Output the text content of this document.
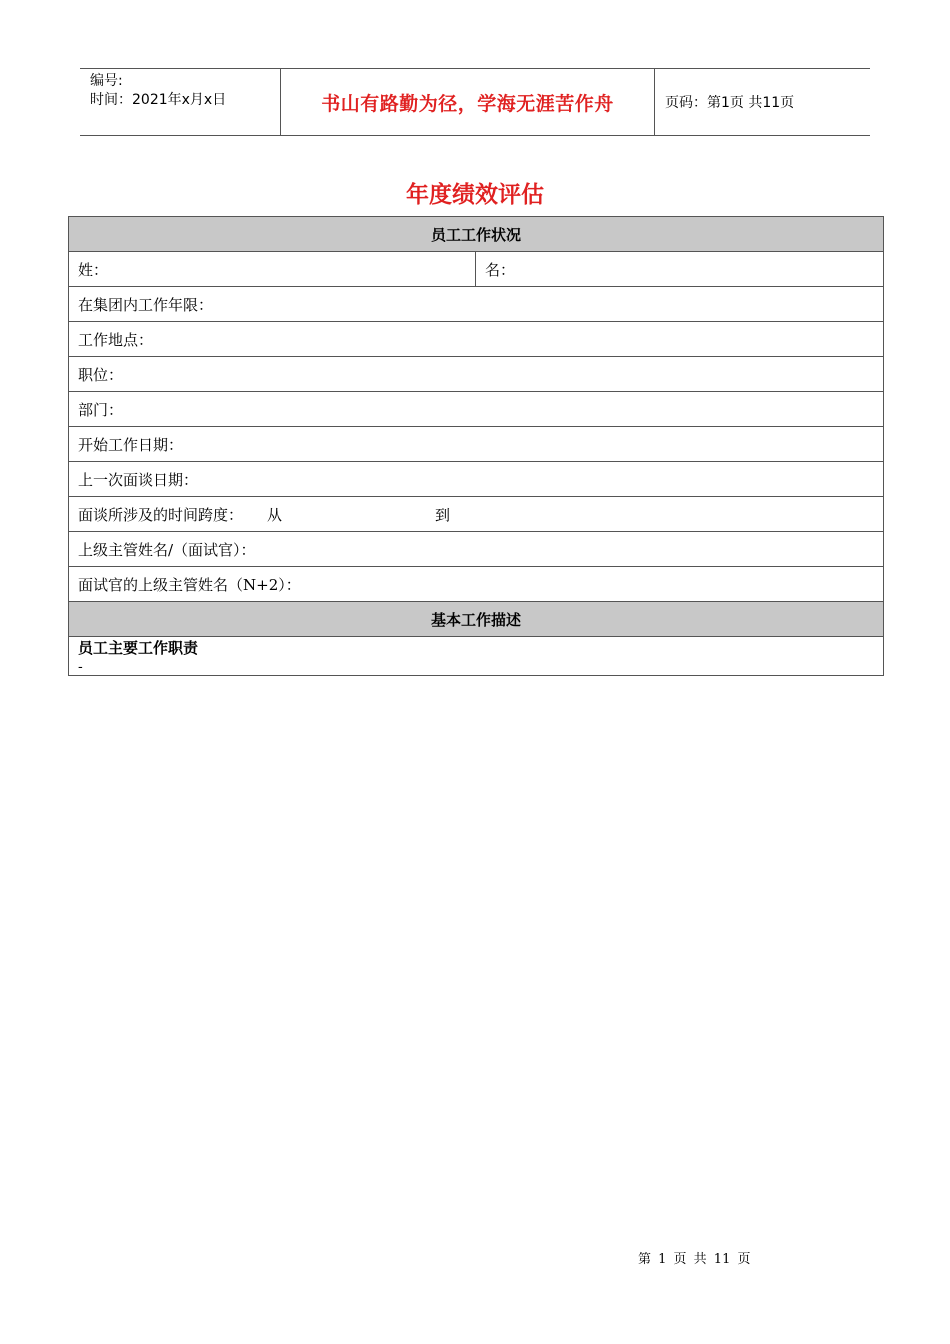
编号:
时间：2021年x月x日	书山有路勤为径，学海无涯苦作舟	页码：第1页 共11页
年度绩效评估
员工工作状况
姓：	名：
在集团内工作年限：
工作地点：
职位：
部门：
开始工作日期：
上一次面谈日期：
面谈所涉及的时间跨度： 从	到
上级主管姓名/（面试官）：
面试官的上级主管姓名（N+2）：
基本工作描述

员工主要工作职责
-
第 1 页 共 11 页
